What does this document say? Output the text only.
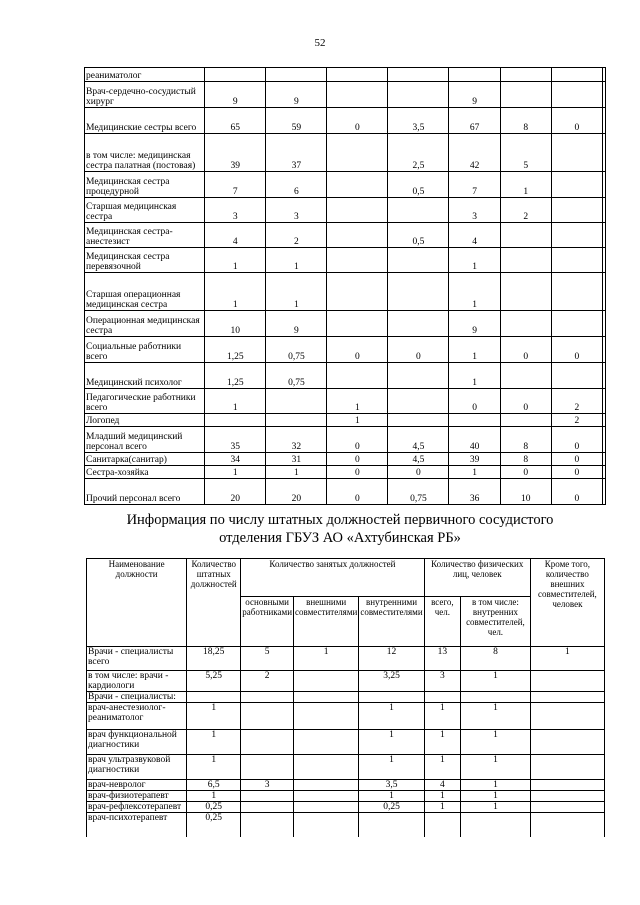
52
реаниматолог								
Врач-сердечно-сосудистый хирург	9	9			9			
Медицинские сестры всего	65	59	0	3,5	67	8	0	
в том числе: медицинская сестра палатная (постовая)	39	37		2,5	42	5		
Медицинская сестра процедурной	7	6		0,5	7	1		
Старшая медицинская сестра	3	3			3	2		
Медицинская сестра-анестезист	4	2		0,5	4			
Медицинская сестра перевязочной	1	1			1			
Старшая операционная медицинская сестра	1	1			1			
Операционная медицинская сестра	10	9			9			
Социальные работники всего	1,25	0,75	0	0	1	0	0	
Медицинский психолог	1,25	0,75			1			
Педагогические работники всего	1		1		0	0	2	
Логопед			1				2	
Младший медицинский персонал всего	35	32	0	4,5	40	8	0	
Санитарка(санитар)	34	31	0	4,5	39	8	0	
Сестра-хозяйка	1	1	0	0	1	0	0	
Прочий персонал всего	20	20	0	0,75	36	10	0	
Информация по числу штатных должностей первичного сосудистого
отделения ГБУЗ АО «Ахтубинская РБ»
Наименование должности	Количество штатных должностей	Количество занятых должностей			Количество физических лиц, человек		Кроме того, количество внешних совместителей, человек
		основными работниками	внешними совместителями	внутренними совместителями	всего, чел.	в том числе: внутренних совместителей, чел.	
Врачи - специалисты всего	18,25	5	1	12	13	8	1
в том числе: врачи - кардиологи	5,25	2		3,25	3	1	
Врачи - специалисты:							
врач-анестезиолог-реаниматолог	1			1	1	1	
врач функциональной диагностики	1			1	1	1	
врач ультразвуковой диагностики	1			1	1	1	
врач-невролог	6,5	3		3,5	4	1	
врач-физиотерапевт	1			1	1	1	
врач-рефлексотерапевт	0,25			0,25	1	1	
врач-психотерапевт	0,25						
